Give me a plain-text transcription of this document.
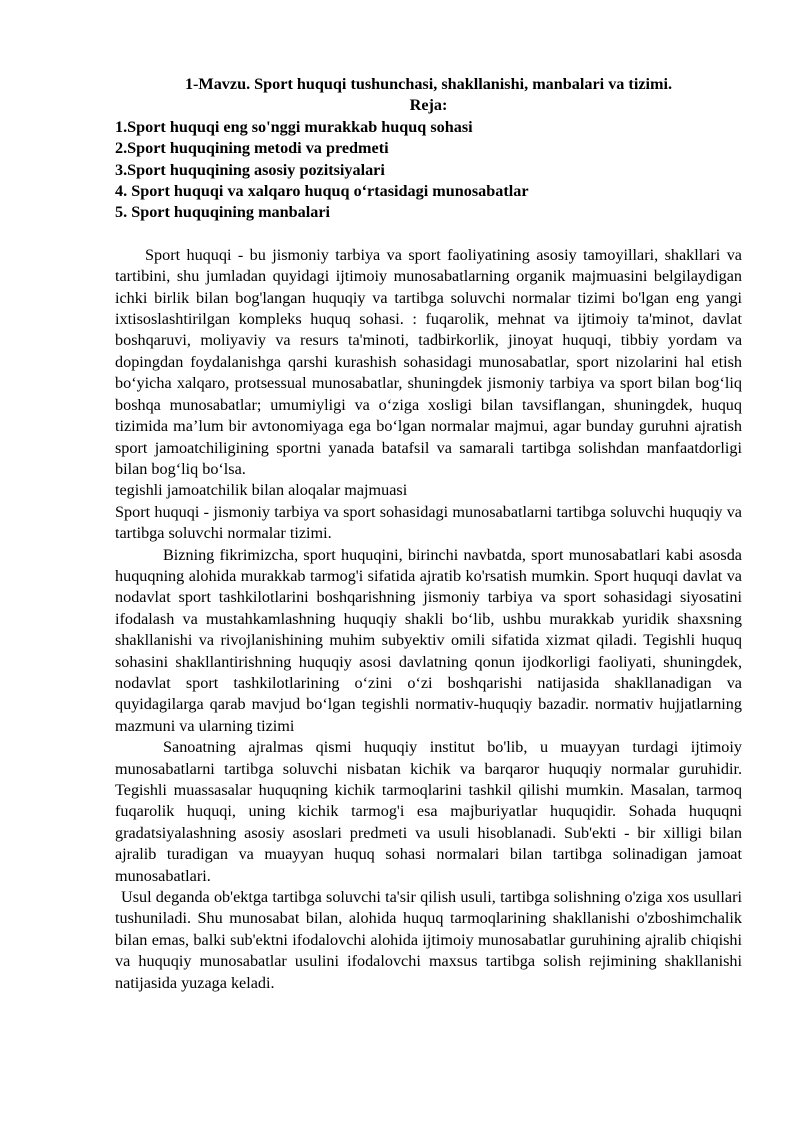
1-Mavzu. Sport huquqi tushunchasi, shakllanishi, manbalari va tizimi.

Reja:

1.Sport huquqi eng so'nggi murakkab huquq sohasi

2.Sport huquqining metodi va predmeti

3.Sport huquqining asosiy pozitsiyalari

4. Sport huquqi va xalqaro huquq o‘rtasidagi munosabatlar

5. Sport huquqining manbalari

Sport huquqi - bu jismoniy tarbiya va sport faoliyatining asosiy tamoyillari, shakllari va tartibini, shu jumladan quyidagi ijtimoiy munosabatlarning organik majmuasini belgilaydigan ichki birlik bilan bog'langan huquqiy va tartibga soluvchi normalar tizimi bo'lgan eng yangi ixtisoslashtirilgan kompleks huquq sohasi. : fuqarolik, mehnat va ijtimoiy ta'minot, davlat boshqaruvi, moliyaviy va resurs ta'minoti, tadbirkorlik, jinoyat huquqi, tibbiy yordam va dopingdan foydalanishga qarshi kurashish sohasidagi munosabatlar, sport nizolarini hal etish bo‘yicha xalqaro, protsessual munosabatlar, shuningdek jismoniy tarbiya va sport bilan bog‘liq boshqa munosabatlar; umumiyligi va o‘ziga xosligi bilan tavsiflangan, shuningdek, huquq tizimida ma’lum bir avtonomiyaga ega bo‘lgan normalar majmui, agar bunday guruhni ajratish sport jamoatchiligining sportni yanada batafsil va samarali tartibga solishdan manfaatdorligi bilan bog‘liq bo‘lsa.

tegishli jamoatchilik bilan aloqalar majmuasi

Sport huquqi - jismoniy tarbiya va sport sohasidagi munosabatlarni tartibga soluvchi huquqiy va tartibga soluvchi normalar tizimi.

Bizning fikrimizcha, sport huquqini, birinchi navbatda, sport munosabatlari kabi asosda huquqning alohida murakkab tarmog'i sifatida ajratib ko'rsatish mumkin. Sport huquqi davlat va nodavlat sport tashkilotlarini boshqarishning jismoniy tarbiya va sport sohasidagi siyosatini ifodalash va mustahkamlashning huquqiy shakli bo‘lib, ushbu murakkab yuridik shaxsning shakllanishi va rivojlanishining muhim subyektiv omili sifatida xizmat qiladi. Tegishli huquq sohasini shakllantirishning huquqiy asosi davlatning qonun ijodkorligi faoliyati, shuningdek, nodavlat sport tashkilotlarining o‘zini o‘zi boshqarishi natijasida shakllanadigan va quyidagilarga qarab mavjud bo‘lgan tegishli normativ-huquqiy bazadir. normativ hujjatlarning mazmuni va ularning tizimi

Sanoatning ajralmas qismi huquqiy institut bo'lib, u muayyan turdagi ijtimoiy munosabatlarni tartibga soluvchi nisbatan kichik va barqaror huquqiy normalar guruhidir. Tegishli muassasalar huquqning kichik tarmoqlarini tashkil qilishi mumkin. Masalan, tarmoq fuqarolik huquqi, uning kichik tarmog'i esa majburiyatlar huquqidir. Sohada huquqni gradatsiyalashning asosiy asoslari predmeti va usuli hisoblanadi. Sub'ekti - bir xilligi bilan ajralib turadigan va muayyan huquq sohasi normalari bilan tartibga solinadigan jamoat munosabatlari.

Usul deganda ob'ektga tartibga soluvchi ta'sir qilish usuli, tartibga solishning o'ziga xos usullari tushuniladi. Shu munosabat bilan, alohida huquq tarmoqlarining shakllanishi o'zboshimchalik bilan emas, balki sub'ektni ifodalovchi alohida ijtimoiy munosabatlar guruhining ajralib chiqishi va huquqiy munosabatlar usulini ifodalovchi maxsus tartibga solish rejimining shakllanishi natijasida yuzaga keladi.
